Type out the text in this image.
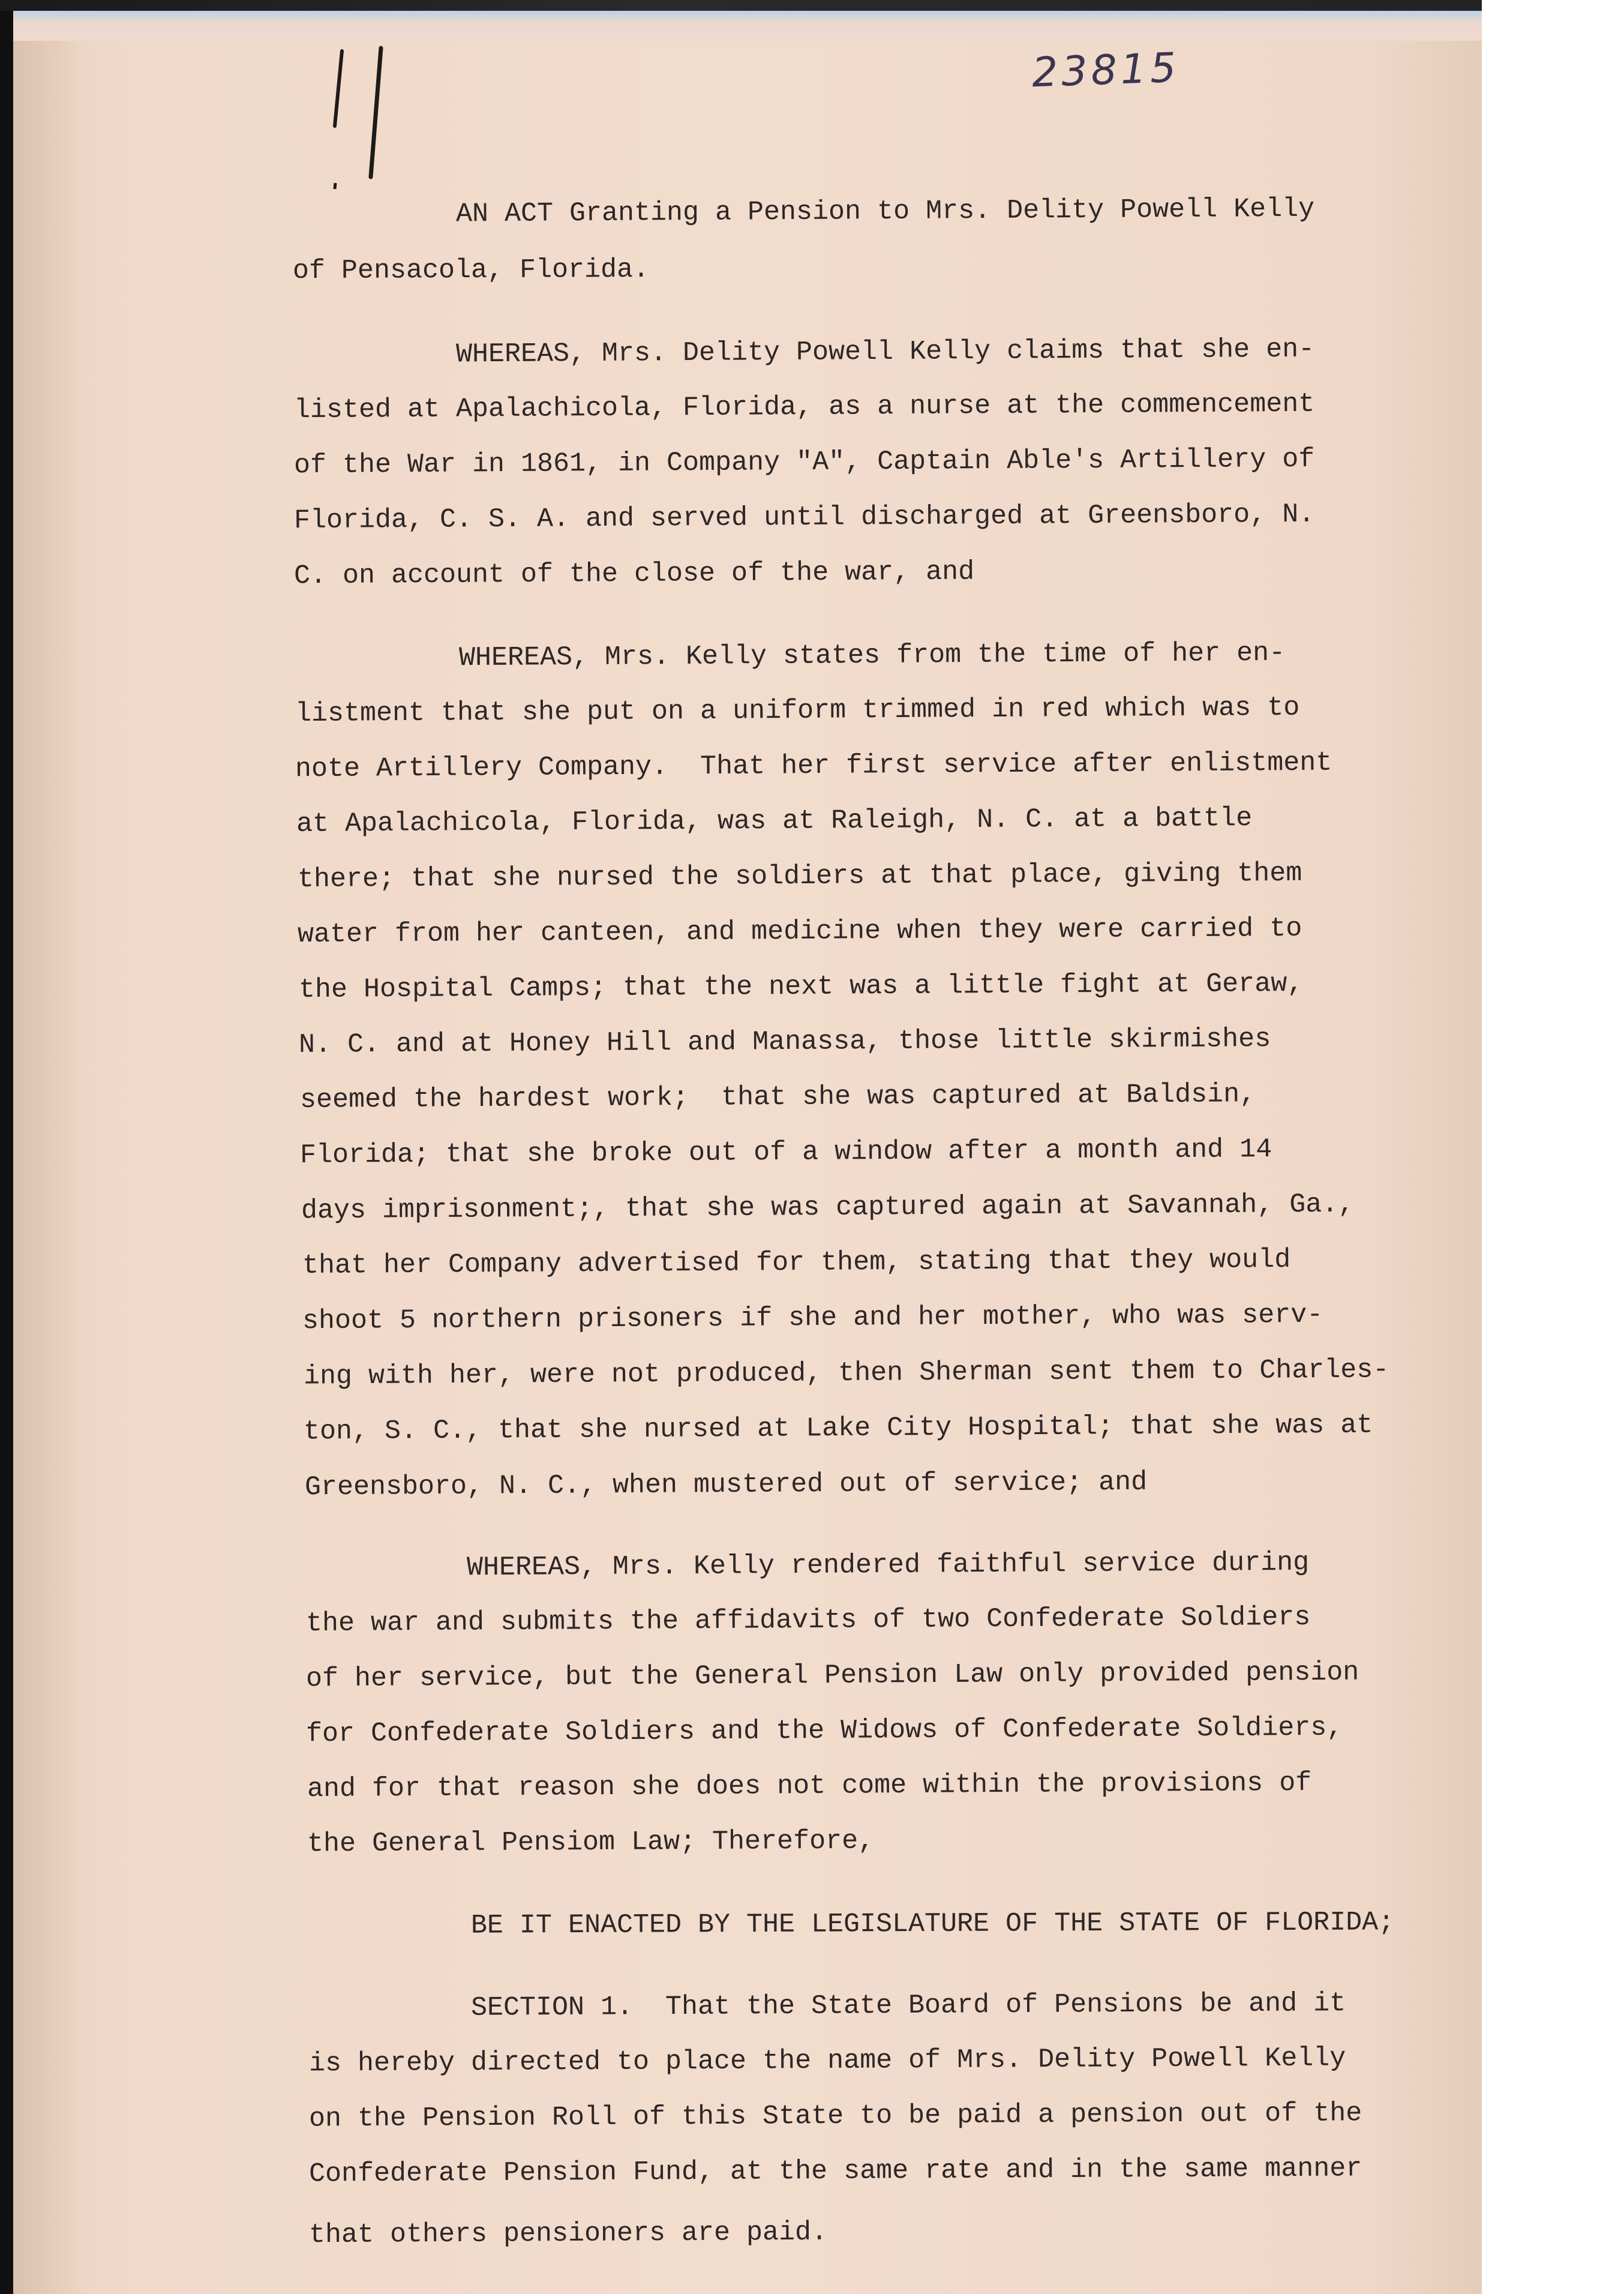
23815
AN ACT Granting a Pension to Mrs. Delity Powell Kelly
of Pensacola, Florida.
WHEREAS, Mrs. Delity Powell Kelly claims that she en-
listed at Apalachicola, Florida, as a nurse at the commencement
of the War in 1861, in Company "A", Captain Able's Artillery of
Florida, C. S. A. and served until discharged at Greensboro, N.
C. on account of the close of the war, and
WHEREAS, Mrs. Kelly states from the time of her en-
listment that she put on a uniform trimmed in red which was to
note Artillery Company.  That her first service after enlistment
at Apalachicola, Florida, was at Raleigh, N. C. at a battle
there; that she nursed the soldiers at that place, giving them
water from her canteen, and medicine when they were carried to
the Hospital Camps; that the next was a little fight at Geraw,
N. C. and at Honey Hill and Manassa, those little skirmishes
seemed the hardest work;  that she was captured at Baldsin,
Florida; that she broke out of a window after a month and 14
days imprisonment;, that she was captured again at Savannah, Ga.,
that her Company advertised for them, stating that they would
shoot 5 northern prisoners if she and her mother, who was serv-
ing with her, were not produced, then Sherman sent them to Charles-
ton, S. C., that she nursed at Lake City Hospital; that she was at
Greensboro, N. C., when mustered out of service; and
WHEREAS, Mrs. Kelly rendered faithful service during
the war and submits the affidavits of two Confederate Soldiers
of her service, but the General Pension Law only provided pension
for Confederate Soldiers and the Widows of Confederate Soldiers,
and for that reason she does not come within the provisions of
the General Pensiom Law; Therefore,
BE IT ENACTED BY THE LEGISLATURE OF THE STATE OF FLORIDA;
SECTION 1.  That the State Board of Pensions be and it
is hereby directed to place the name of Mrs. Delity Powell Kelly
on the Pension Roll of this State to be paid a pension out of the
Confederate Pension Fund, at the same rate and in the same manner
that others pensioners are paid.
